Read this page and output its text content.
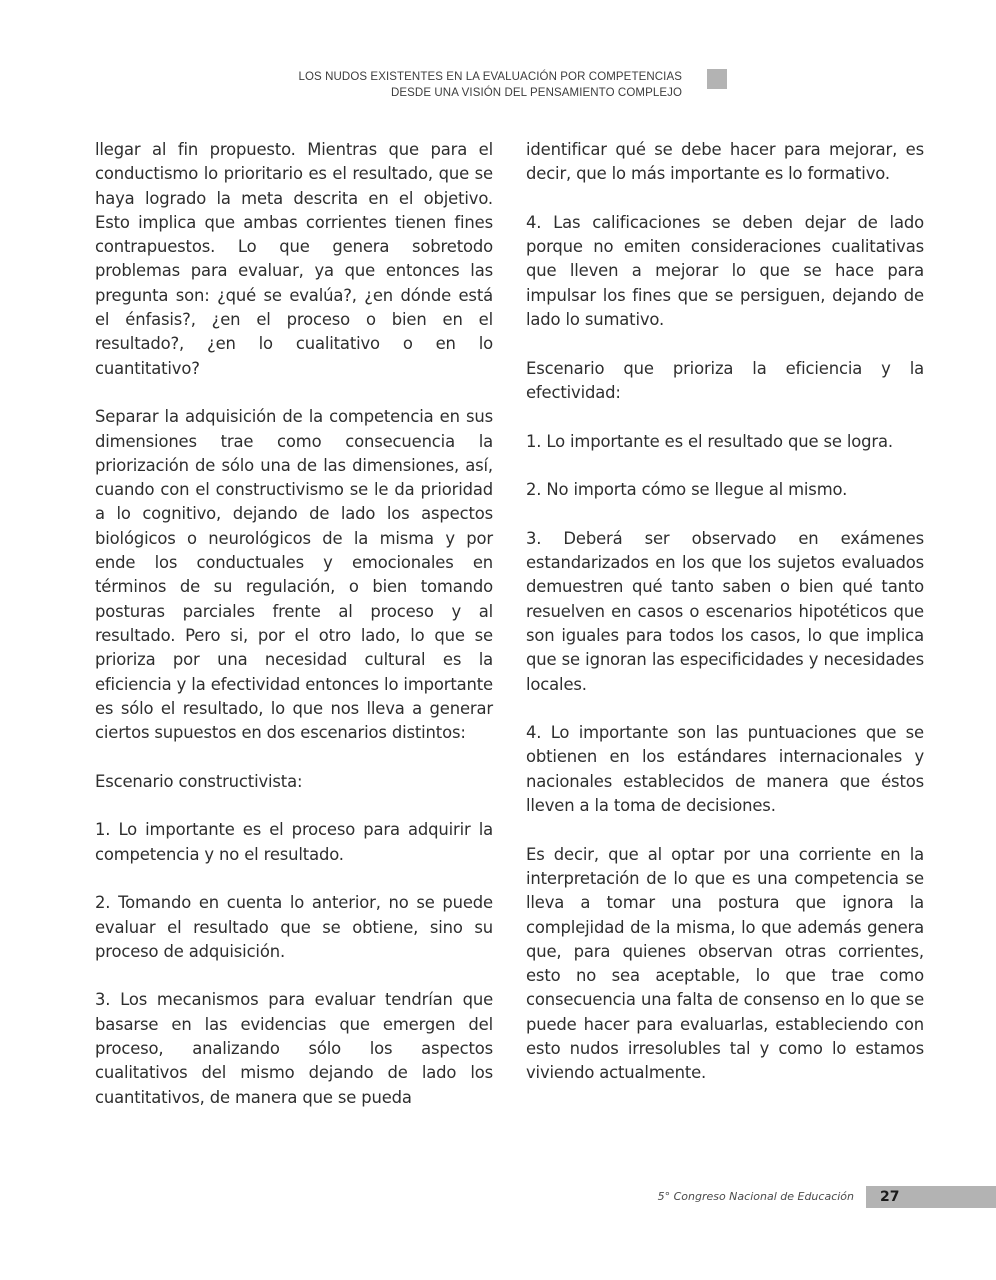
LOS NUDOS EXISTENTES EN LA EVALUACIÓN POR COMPETENCIAS
DESDE UNA VISIÓN DEL PENSAMIENTO COMPLEJO

llegar al fin propuesto. Mientras que para el conductismo lo prioritario es el resultado, que se haya logrado la meta descrita en el objetivo. Esto implica que ambas corrientes tienen fines contrapuestos. Lo que genera sobretodo problemas para evaluar, ya que entonces las pregunta son: ¿qué se evalúa?, ¿en dónde está el énfasis?, ¿en el proceso o bien en el resultado?, ¿en lo cualitativo o en lo cuantitativo?

Separar la adquisición de la competencia en sus dimensiones trae como consecuencia la priorización de sólo una de las dimensiones, así, cuando con el constructivismo se le da prioridad a lo cognitivo, dejando de lado los aspectos biológicos o neurológicos de la misma y por ende los conductuales y emocionales en términos de su regulación, o bien tomando posturas parciales frente al proceso y al resultado. Pero si, por el otro lado, lo que se prioriza por una necesidad cultural es la eficiencia y la efectividad entonces lo importante es sólo el resultado, lo que nos lleva a generar ciertos supuestos en dos escenarios distintos:

Escenario constructivista:

1. Lo importante es el proceso para adquirir la competencia y no el resultado.

2. Tomando en cuenta lo anterior, no se puede evaluar el resultado que se obtiene, sino su proceso de adquisición.

3. Los mecanismos para evaluar tendrían que basarse en las evidencias que emergen del proceso, analizando sólo los aspectos cualitativos del mismo dejando de lado los cuantitativos, de manera que se pueda

identificar qué se debe hacer para mejorar, es decir, que lo más importante es lo formativo.

4. Las calificaciones se deben dejar de lado porque no emiten consideraciones cualitativas que lleven a mejorar lo que se hace para impulsar los fines que se persiguen, dejando de lado lo sumativo.

Escenario que prioriza la eficiencia y la efectividad:

1. Lo importante es el resultado que se logra.

2. No importa cómo se llegue al mismo.

3. Deberá ser observado en exámenes estandarizados en los que los sujetos evaluados demuestren qué tanto saben o bien qué tanto resuelven en casos o escenarios hipotéticos que son iguales para todos los casos, lo que implica que se ignoran las especificidades y necesidades locales.

4. Lo importante son las puntuaciones que se obtienen en los estándares internacionales y nacionales establecidos de manera que éstos lleven a la toma de decisiones.

Es decir, que al optar por una corriente en la interpretación de lo que es una competencia se lleva a tomar una postura que ignora la complejidad de la misma, lo que además genera que, para quienes observan otras corrientes, esto no sea aceptable, lo que trae como consecuencia una falta de consenso en lo que se puede hacer para evaluarlas, estableciendo con esto nudos irresolubles tal y como lo estamos viviendo actualmente.

5° Congreso Nacional de Educación 27
